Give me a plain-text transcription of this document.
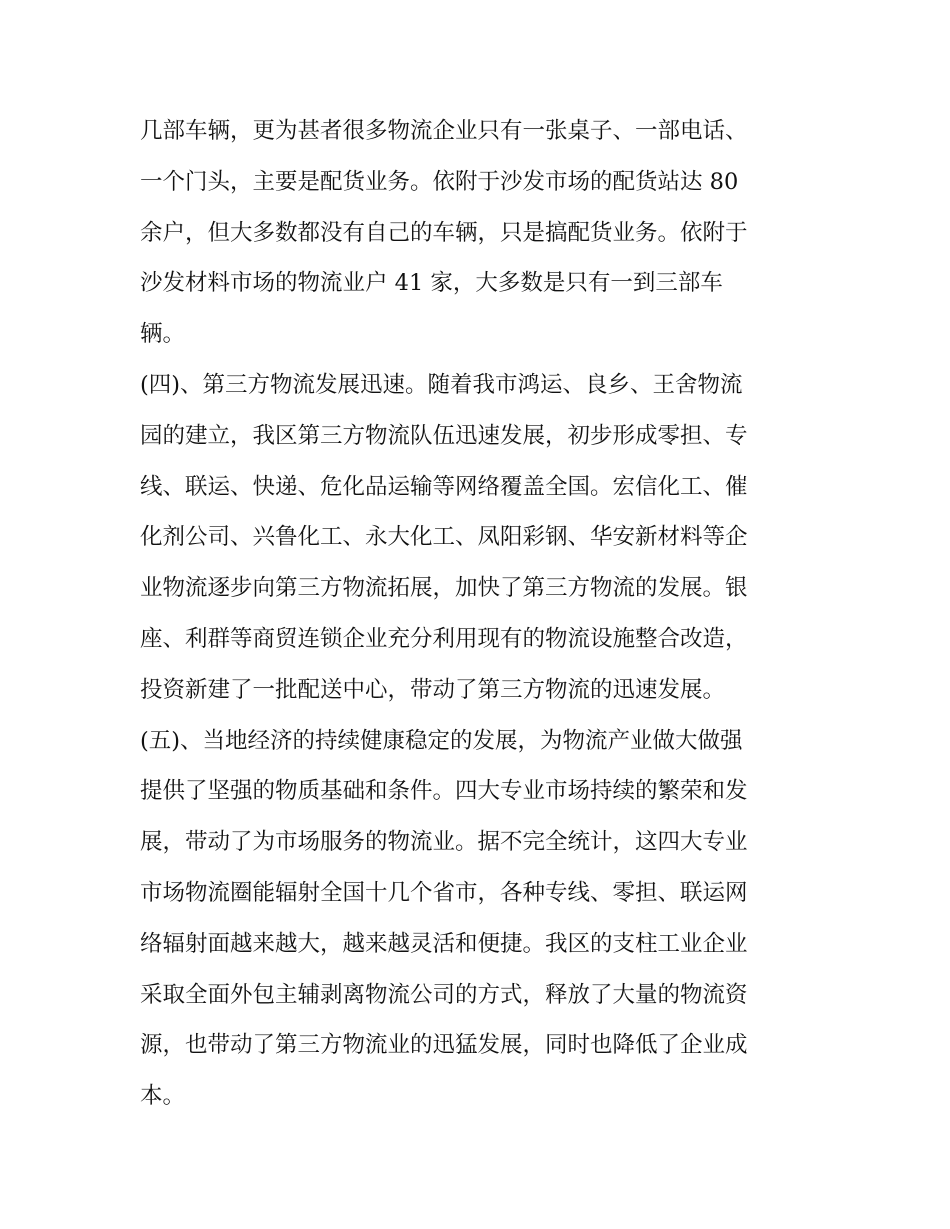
几部车辆，更为甚者很多物流企业只有一张桌子、一部电话、
一个门头，主要是配货业务。依附于沙发市场的配货站达 80
余户，但大多数都没有自己的车辆，只是搞配货业务。依附于
沙发材料市场的物流业户 41 家，大多数是只有一到三部车
辆。
(四)、第三方物流发展迅速。随着我市鸿运、良乡、王舍物流
园的建立，我区第三方物流队伍迅速发展，初步形成零担、专
线、联运、快递、危化品运输等网络覆盖全国。宏信化工、催
化剂公司、兴鲁化工、永大化工、凤阳彩钢、华安新材料等企
业物流逐步向第三方物流拓展，加快了第三方物流的发展。银
座、利群等商贸连锁企业充分利用现有的物流设施整合改造，
投资新建了一批配送中心，带动了第三方物流的迅速发展。
(五)、当地经济的持续健康稳定的发展，为物流产业做大做强
提供了坚强的物质基础和条件。四大专业市场持续的繁荣和发
展，带动了为市场服务的物流业。据不完全统计，这四大专业
市场物流圈能辐射全国十几个省市，各种专线、零担、联运网
络辐射面越来越大，越来越灵活和便捷。我区的支柱工业企业
采取全面外包主辅剥离物流公司的方式，释放了大量的物流资
源，也带动了第三方物流业的迅猛发展，同时也降低了企业成
本。
